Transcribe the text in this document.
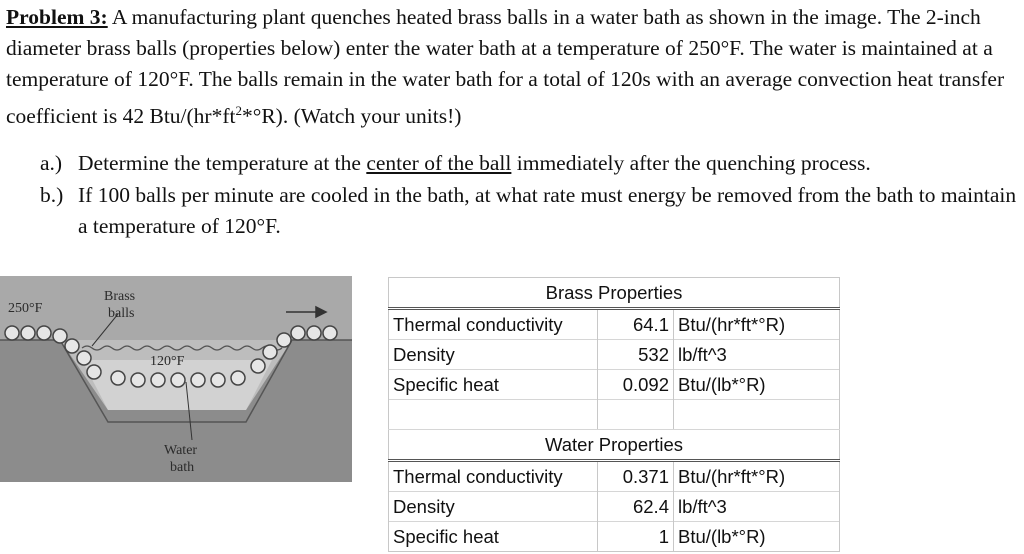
Problem 3: A manufacturing plant quenches heated brass balls in a water bath as shown in the image. The 2-inch diameter brass balls (properties below) enter the water bath at a temperature of 250°F. The water is maintained at a temperature of 120°F. The balls remain in the water bath for a total of 120s with an average convection heat transfer coefficient is 42 Btu/$(hr*ft^2*^\circ R)$. (Watch your units!)
a.) Determine the temperature at the center of the ball immediately after the quenching process.
b.) If 100 balls per minute are cooled in the bath, at what rate must energy be removed from the bath to maintain a temperature of 120°F.
250°F
Brass
balls
120°F
Water
bath
Brass Properties		
Thermal conductivity	64.1	Btu/(hr*ft*°R)
Density	532	lb/ft^3
Specific heat	0.092	Btu/(lb*°R)

Water Properties		
Thermal conductivity	0.371	Btu/(hr*ft*°R)
Density	62.4	lb/ft^3
Specific heat	1	Btu/(lb*°R)
